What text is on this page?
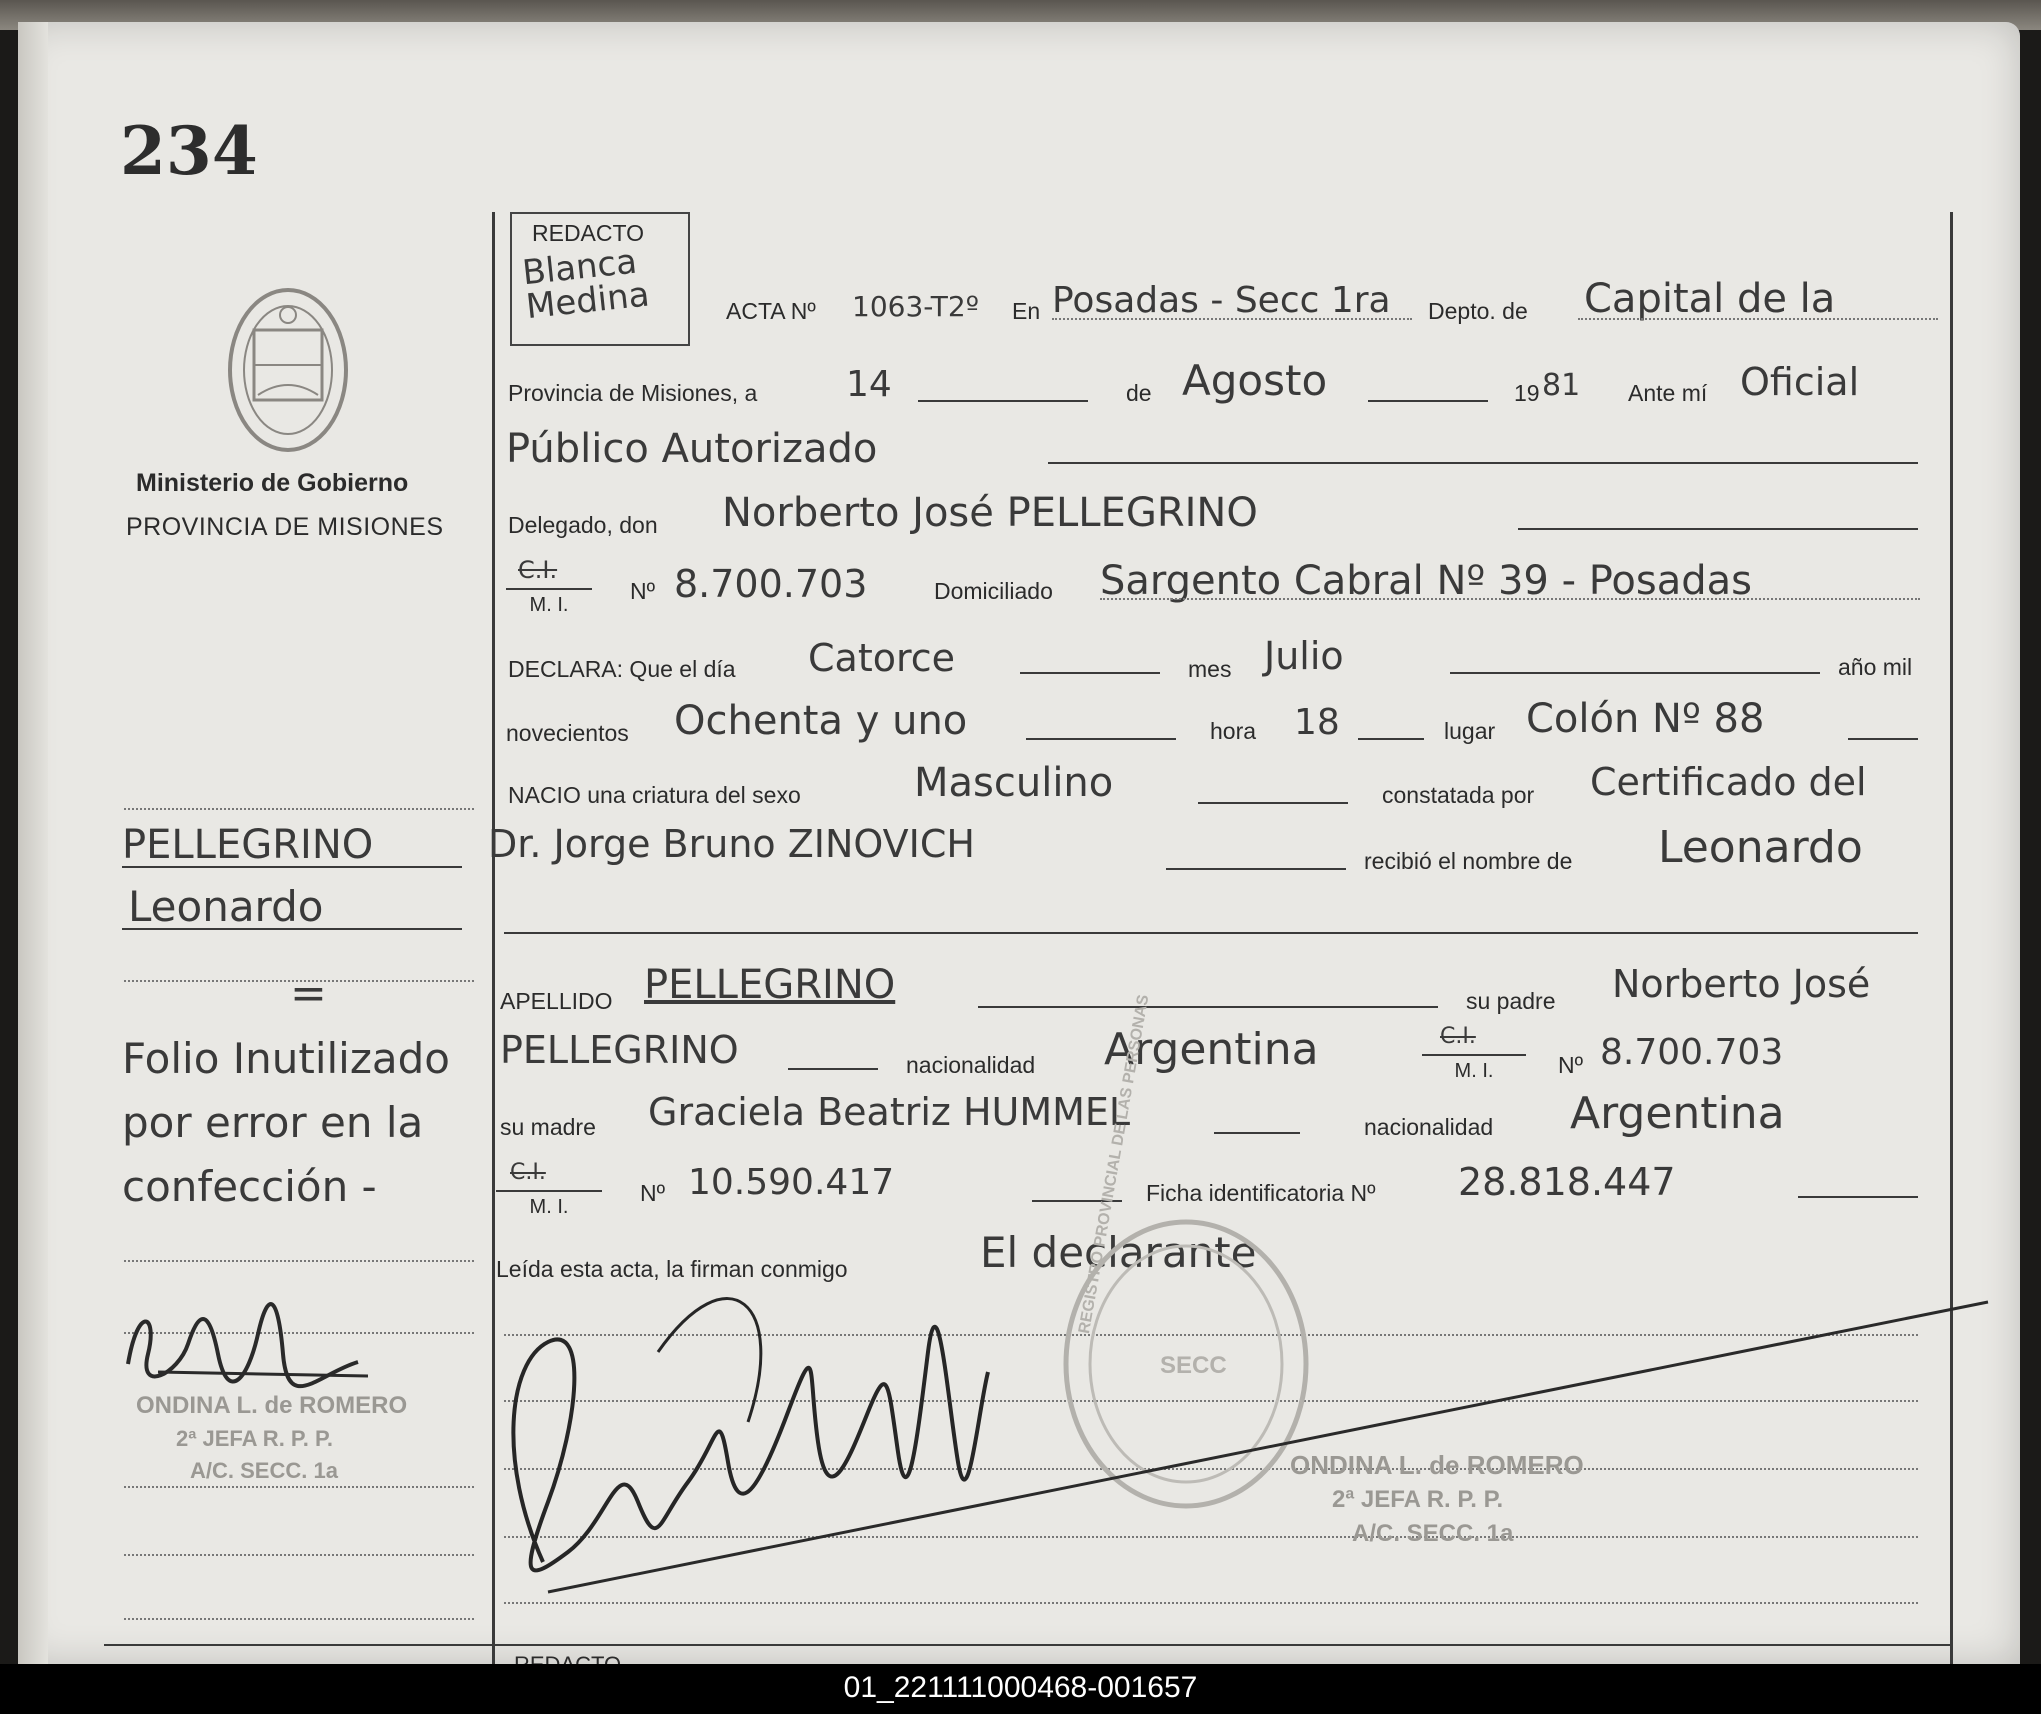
234
Ministerio de Gobierno
PROVINCIA DE MISIONES
REDACTO
Blanca Medina	ACTA Nº 1063-T2º En Posadas - Secc 1ra Depto. de Capital de la
Provincia de Misiones, a 14	de Agosto	19 81 Ante mí Oficial
Público Autorizado
Delegado, don Norberto José PELLEGRINO
C.I.
M. I.
Nº 8.700.703	Domiciliado Sargento Cabral Nº 39 - Posadas
DECLARA: Que el día Catorce	mes Julio	año mil
novecientos Ochenta y uno	hora 18	lugar Colón Nº 88
NACIO una criatura del sexo	Masculino	constatada por Certificado del
Dr. Jorge Bruno ZINOVICH	recibió el nombre de Leonardo
APELLIDO PELLEGRINO	su padre Norberto José
PELLEGRINO	nacionalidad Argentina	C.I.
M. I.	Nº 8.700.703
su madre Graciela Beatriz HUMMEL	nacionalidad Argentina
C.I.
M. I.
Nº 10.590.417	Ficha identificatoria Nº 28.818.447
Leída esta acta, la firman conmigo	El declarante
PELLEGRINO
Leonardo
=
Folio Inutilizado
por error en la
confección -
ONDINA L. de ROMERO
2ª JEFA R. P. P.
A/C. SECC. 1a
REGISTRO PROVINCIAL DE LAS PERSONAS
SECC
ONDINA L. de ROMERO
2ª JEFA R. P. P.
A/C. SECC. 1a
01_221111000468-001657
